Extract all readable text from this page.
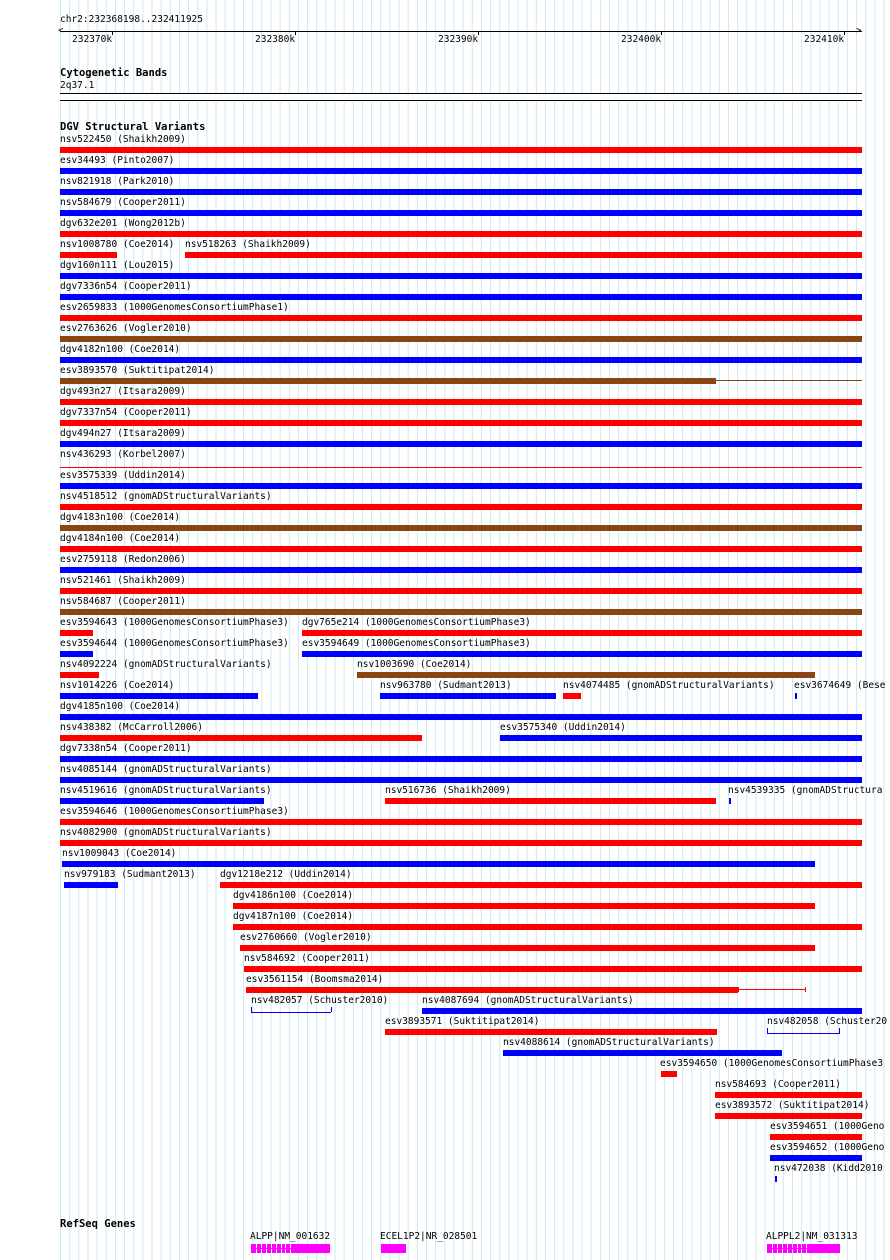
chr2:232368198..232411925
<	>
232370k	232380k	232390k	232400k	232410k
Cytogenetic Bands
2q37.1
DGV Structural Variants
nsv522450 (Shaikh2009)
esv34493 (Pinto2007)
nsv821918 (Park2010)
nsv584679 (Cooper2011)
dgv632e201 (Wong2012b)
nsv1008780 (Coe2014) nsv518263 (Shaikh2009)
dgv160n111 (Lou2015)
dgv7336n54 (Cooper2011)
esv2659833 (1000GenomesConsortiumPhase1)
esv2763626 (Vogler2010)
dgv4182n100 (Coe2014)
esv3893570 (Suktitipat2014)
dgv493n27 (Itsara2009)
dgv7337n54 (Cooper2011)
dgv494n27 (Itsara2009)
nsv436293 (Korbel2007)
esv3575339 (Uddin2014)
nsv4518512 (gnomADStructuralVariants)
dgv4183n100 (Coe2014)
dgv4184n100 (Coe2014)
esv2759118 (Redon2006)
nsv521461 (Shaikh2009)
nsv584687 (Cooper2011)
esv3594643 (1000GenomesConsortiumPhase3) dgv765e214 (1000GenomesConsortiumPhase3)
esv3594644 (1000GenomesConsortiumPhase3) esv3594649 (1000GenomesConsortiumPhase3)
nsv4092224 (gnomADStructuralVariants)	nsv1003690 (Coe2014)
nsv1014226 (Coe2014)	nsv963780 (Sudmant2013)	nsv4074485 (gnomADStructuralVariants) esv3674649 (Bese
dgv4185n100 (Coe2014)
nsv438382 (McCarroll2006)	esv3575340 (Uddin2014)
dgv7338n54 (Cooper2011)
nsv4085144 (gnomADStructuralVariants)
nsv4519616 (gnomADStructuralVariants)	nsv516736 (Shaikh2009)	nsv4539335 (gnomADStructura
esv3594646 (1000GenomesConsortiumPhase3)
nsv4082900 (gnomADStructuralVariants)
nsv1009043 (Coe2014)
nsv979183 (Sudmant2013)	dgv1218e212 (Uddin2014)
dgv4186n100 (Coe2014)
dgv4187n100 (Coe2014)
esv2760660 (Vogler2010)
nsv584692 (Cooper2011)
nsv482057 (Schuster2010)	nsv4087694 (gnomADStructuralVariants)
esv3893571 (Suktitipat2014)	nsv482058 (Schuster20
nsv4088614 (gnomADStructuralVariants)
esv3594650 (1000GenomesConsortiumPhase3
nsv584693 (Cooper2011)
esv3893572 (Suktitipat2014)
esv3594651 (1000Geno
esv3594652 (1000Geno
nsv472038 (Kidd2010
esv3561154 (Boomsma2014)
RefSeq Genes
ALPP|NM_001632	ECEL1P2|NR_028501	ALPPL2|NM_031313
